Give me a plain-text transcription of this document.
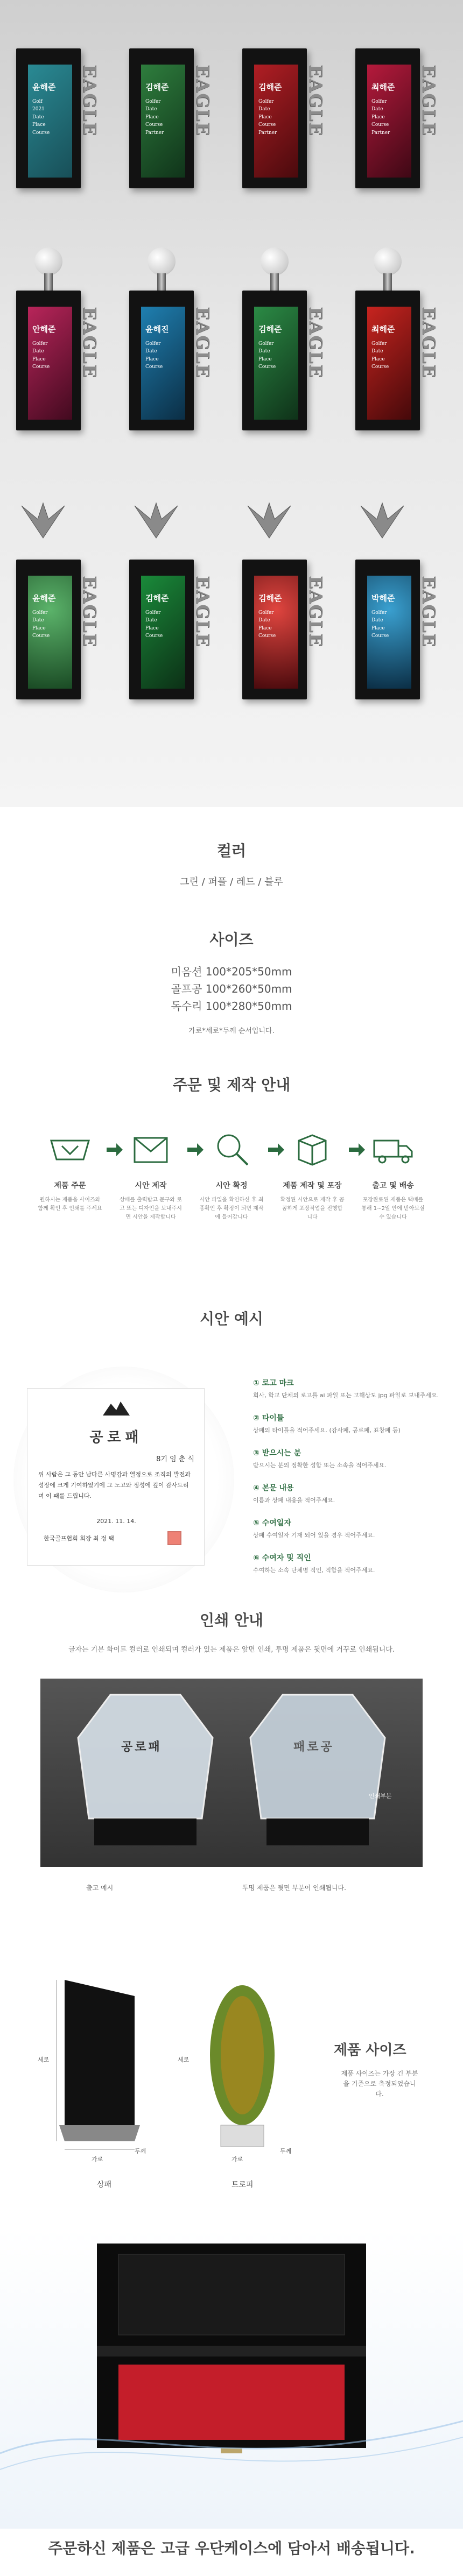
윤해준
Golf
2021
Date
Place
Course	EAGLE	김해준
Golfer
Date
Place
Course
Partner	EAGLE	김해준
Golfer
Date
Place
Course
Partner	EAGLE	최해준
Golfer
Date
Place
Course
Partner	EAGLE
안해준
Golfer
Date
Place
Course	EAGLE	윤해진
Golfer
Date
Place
Course	EAGLE	김해준
Golfer
Date
Place
Course	EAGLE	최해준
Golfer
Date
Place
Course	EAGLE
윤해준
Golfer
Date
Place
Course	EAGLE	김해준
Golfer
Date
Place
Course	EAGLE	김해준
Golfer
Date
Place
Course	EAGLE	박해준
Golfer
Date
Place
Course	EAGLE
컬러
그린 / 퍼플 / 레드 / 블루
사이즈
미음션 100*205*50mm
골프공 100*260*50mm
독수리 100*280*50mm
가로*세로*두께 순서입니다.
주문 및 제작 안내
제품 주문
원하시는 제품을 사이즈와 함께 확인 후 인쇄를 주세요
시안 제작
상패를 출력받고 문구와 로고 또는 디자인을 보내주시면 시안을 제작합니다
시안 확정
시안 파일을 확인하신 후 최종확인 후 확정이 되면 제작에 들어갑니다
제품 제작 및 포장
확정된 시안으로 제작 후 꼼꼼하게 포장작업을 진행합니다
출고 및 배송
포장완료된 제품은 택배를 통해 1~2일 안에 받아보실 수 있습니다
시안 예시
공로패
8기 임 춘 식
위 사람은 그 동안 남다른 사명감과 열정으로 조직의 발전과 성장에 크게 기여하였기에 그 노고와 정성에 깊이 감사드리며 이 패를 드립니다.
2021. 11. 14.
한국골프협회 회장 최 정 택
① 로고 마크
회사, 학교 단체의 로고를 ai 파일 또는 고해상도 jpg 파일로 보내주세요.
② 타이틀
상패의 타이틀을 적어주세요. (감사패, 공로패, 표창패 등)
③ 받으시는 분
받으시는 분의 정확한 성함 또는 소속을 적어주세요.
④ 본문 내용
이름과 상패 내용을 적어주세요.
⑤ 수여일자
상패 수여일자 기재 되어 있을 경우 적어주세요.
⑥ 수여자 및 직인
수여하는 소속 단체명 직인, 직함을 적어주세요.
인쇄 안내
글자는 기본 화이트 컬러로 인쇄되며 컬러가 있는 제품은 앞면 인쇄, 투명 제품은 뒷면에 거꾸로 인쇄됩니다.
공로패	패로공
인쇄부분
출고 예시	투명 제품은 뒷면 부분이 인쇄됩니다.
세로
가로
두께
상패
세로
가로
두께
트로피
제품 사이즈
제품 사이즈는 가장 긴 부분을 기준으로 측정되었습니다.
주문하신 제품은 고급 우단케이스에 담아서 배송됩니다.
